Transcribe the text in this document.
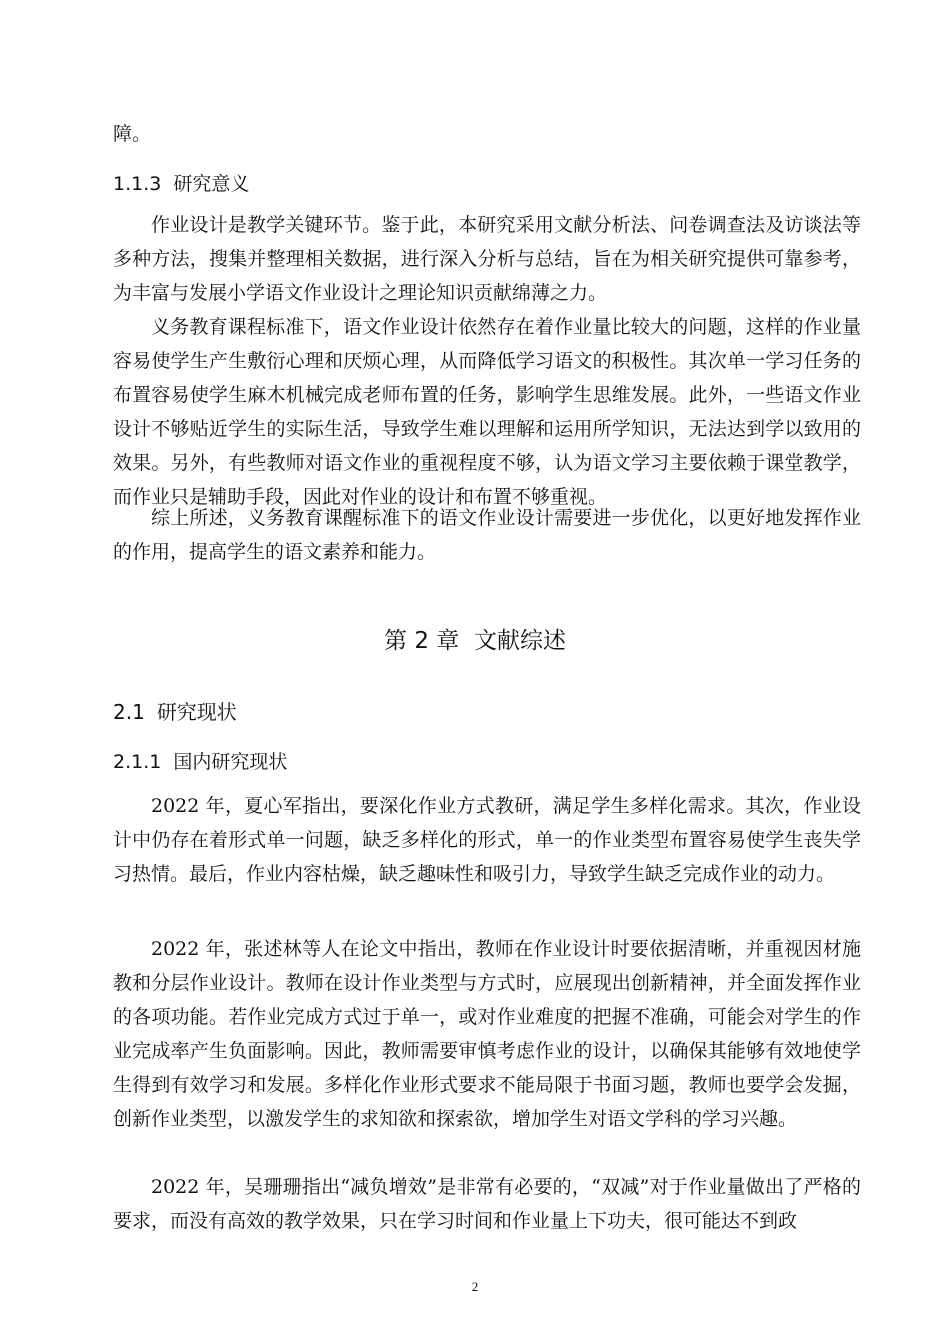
障。

1.1.3 研究意义

作业设计是教学关键环节。鉴于此，本研究采用文献分析法、问卷调查法及访谈法等多种方法，搜集并整理相关数据，进行深入分析与总结，旨在为相关研究提供可靠参考，为丰富与发展小学语文作业设计之理论知识贡献绵薄之力。

义务教育课程标准下，语文作业设计依然存在着作业量比较大的问题，这样的作业量容易使学生产生敷衍心理和厌烦心理，从而降低学习语文的积极性。其次单一学习任务的布置容易使学生麻木机械完成老师布置的任务，影响学生思维发展。此外，一些语文作业设计不够贴近学生的实际生活，导致学生难以理解和运用所学知识，无法达到学以致用的效果。另外，有些教师对语文作业的重视程度不够，认为语文学习主要依赖于课堂教学，而作业只是辅助手段，因此对作业的设计和布置不够重视。

综上所述，义务教育课醒标准下的语文作业设计需要进一步优化，以更好地发挥作业的作用，提高学生的语文素养和能力。

第 2 章 文献综述
2.1 研究现状
2.1.1 国内研究现状

2022 年，夏心军指出，要深化作业方式教研，满足学生多样化需求。其次，作业设计中仍存在着形式单一问题，缺乏多样化的形式，单一的作业类型布置容易使学生丧失学习热情。最后，作业内容枯燥，缺乏趣味性和吸引力，导致学生缺乏完成作业的动力。

2022 年，张述林等人在论文中指出，教师在作业设计时要依据清晰，并重视因材施教和分层作业设计。教师在设计作业类型与方式时，应展现出创新精神，并全面发挥作业的各项功能。若作业完成方式过于单一，或对作业难度的把握不准确，可能会对学生的作业完成率产生负面影响。因此，教师需要审慎考虑作业的设计，以确保其能够有效地使学生得到有效学习和发展。多样化作业形式要求不能局限于书面习题，教师也要学会发掘，创新作业类型，以激发学生的求知欲和探索欲，增加学生对语文学科的学习兴趣。

2022 年，吴珊珊指出“减负增效”是非常有必要的，“双减”对于作业量做出了严格的要求，而没有高效的教学效果，只在学习时间和作业量上下功夫，很可能达不到政

2
